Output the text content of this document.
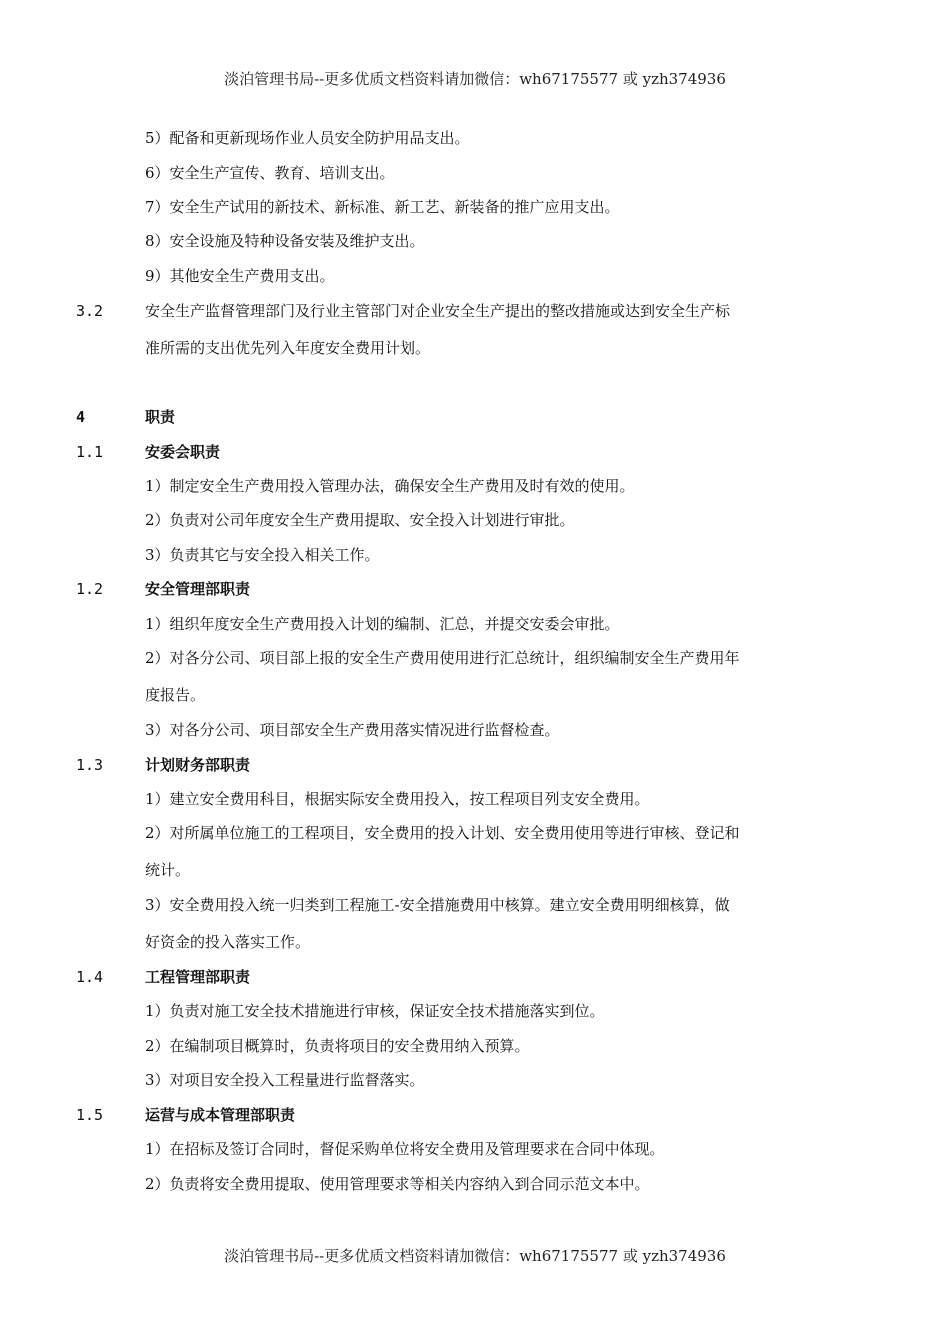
淡泊管理书局--更多优质文档资料请加微信：wh67175577 或 yzh374936
5）配备和更新现场作业人员安全防护用品支出。
6）安全生产宣传、教育、培训支出。
7）安全生产试用的新技术、新标准、新工艺、新装备的推广应用支出。
8）安全设施及特种设备安装及维护支出。
9）其他安全生产费用支出。
3.2	安全生产监督管理部门及行业主管部门对企业安全生产提出的整改措施或达到安全生产标
准所需的支出优先列入年度安全费用计划。
4	职责
1.1	安委会职责
1）制定安全生产费用投入管理办法，确保安全生产费用及时有效的使用。
2）负责对公司年度安全生产费用提取、安全投入计划进行审批。
3）负责其它与安全投入相关工作。
1.2	安全管理部职责
1）组织年度安全生产费用投入计划的编制、汇总，并提交安委会审批。
2）对各分公司、项目部上报的安全生产费用使用进行汇总统计，组织编制安全生产费用年
度报告。
3）对各分公司、项目部安全生产费用落实情况进行监督检查。
1.3	计划财务部职责
1）建立安全费用科目，根据实际安全费用投入，按工程项目列支安全费用。
2）对所属单位施工的工程项目，安全费用的投入计划、安全费用使用等进行审核、登记和
统计。
3）安全费用投入统一归类到工程施工-安全措施费用中核算。建立安全费用明细核算，做
好资金的投入落实工作。
1.4	工程管理部职责
1）负责对施工安全技术措施进行审核，保证安全技术措施落实到位。
2）在编制项目概算时，负责将项目的安全费用纳入预算。
3）对项目安全投入工程量进行监督落实。
1.5	运营与成本管理部职责
1）在招标及签订合同时，督促采购单位将安全费用及管理要求在合同中体现。
2）负责将安全费用提取、使用管理要求等相关内容纳入到合同示范文本中。
淡泊管理书局--更多优质文档资料请加微信：wh67175577 或 yzh374936
